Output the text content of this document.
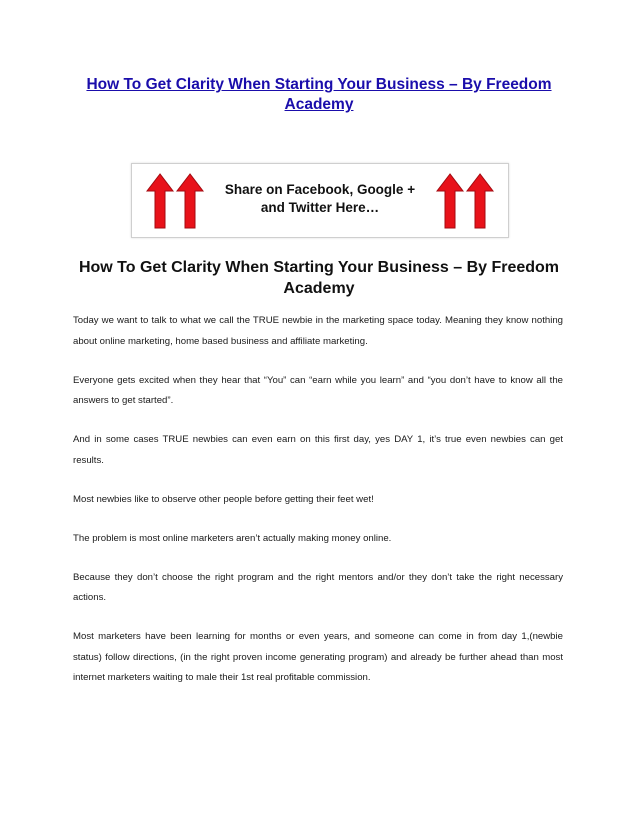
How To Get Clarity When Starting Your Business – By Freedom Academy
Share on Facebook, Google + and Twitter Here…
How To Get Clarity When Starting Your Business – By Freedom Academy

Today we want to talk to what we call the TRUE newbie in the marketing space today. Meaning they know nothing about online marketing, home based business and affiliate marketing.

Everyone gets excited when they hear that “You” can “earn while you learn” and “you don’t have to know all the answers to get started”.

And in some cases TRUE newbies can even earn on this first day, yes DAY 1, it’s true even newbies can get results.

Most newbies like to observe other people before getting their feet wet!

The problem is most online marketers aren’t actually making money online.

Because they don’t choose the right program and the right mentors and/or they don’t take the right necessary actions.

Most marketers have been learning for months or even years, and someone can come in from day 1,(newbie status) follow directions, (in the right proven income generating program) and already be further ahead than most internet marketers waiting to male their 1st real profitable commission.
